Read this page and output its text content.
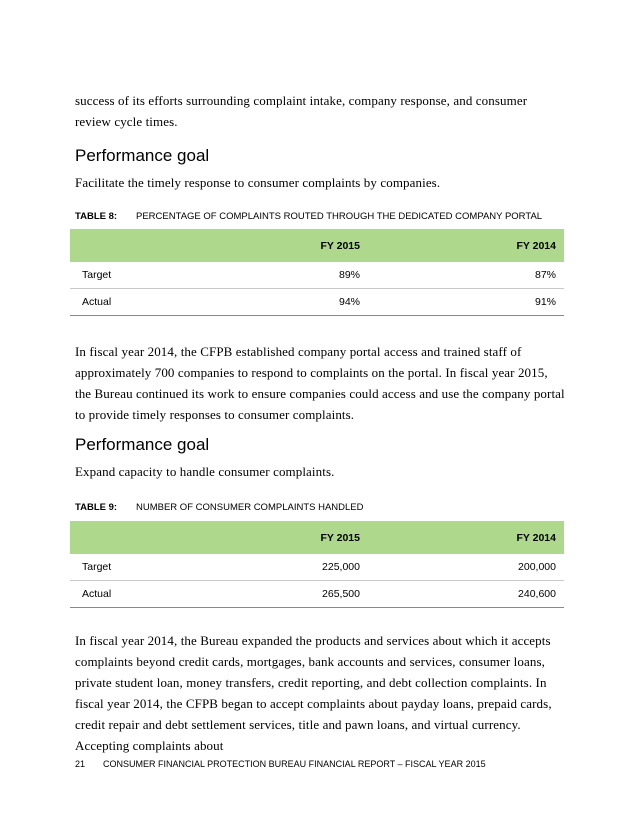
success of its efforts surrounding complaint intake, company response, and consumer review cycle times.

Performance goal

Facilitate the timely response to consumer complaints by companies.

TABLE 8: PERCENTAGE OF COMPLAINTS ROUTED THROUGH THE DEDICATED COMPANY PORTAL
	FY 2015	FY 2014
Target	89%	87%
Actual	94%	91%

In fiscal year 2014, the CFPB established company portal access and trained staff of approximately 700 companies to respond to complaints on the portal. In fiscal year 2015, the Bureau continued its work to ensure companies could access and use the company portal to provide timely responses to consumer complaints.

Performance goal

Expand capacity to handle consumer complaints.

TABLE 9: NUMBER OF CONSUMER COMPLAINTS HANDLED
	FY 2015	FY 2014
Target	225,000	200,000
Actual	265,500	240,600

In fiscal year 2014, the Bureau expanded the products and services about which it accepts complaints beyond credit cards, mortgages, bank accounts and services, consumer loans, private student loan, money transfers, credit reporting, and debt collection complaints. In fiscal year 2014, the CFPB began to accept complaints about payday loans, prepaid cards, credit repair and debt settlement services, title and pawn loans, and virtual currency. Accepting complaints about

21 CONSUMER FINANCIAL PROTECTION BUREAU FINANCIAL REPORT – FISCAL YEAR 2015
